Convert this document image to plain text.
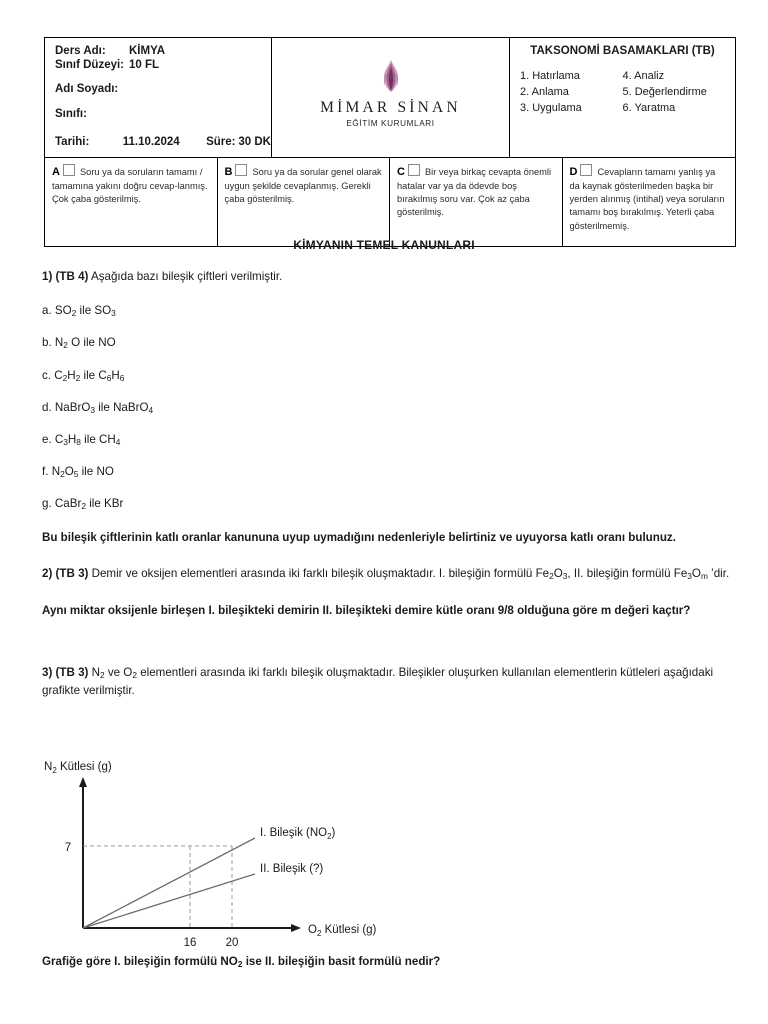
Ders Adı:	KİMYA
Sınıf Düzeyi: 10 FL
Adı Soyadı:
Sınıfı:
Tarihi:	11.10.2024 Süre: 30 DK
MİMAR SİNAN
EĞİTİM KURUMLARI
TAKSONOMİ BASAMAKLARI (TB)
1. Hatırlama
2. Anlama
3. Uygulama
4. Analiz
5. Değerlendirme
6. Yaratma
A Soru ya da soruların tamamı / tamamına yakını doğru cevap-lanmış. Çok çaba gösterilmiş.
B Soru ya da sorular genel olarak uygun şekilde cevaplanmış. Gerekli çaba gösterilmiş.
C Bir veya birkaç cevapta önemli hatalar var ya da ödevde boş bırakılmış soru var. Çok az çaba gösterilmiş.
D Cevapların tamamı yanlış ya da kaynak gösterilmeden başka bir yerden alınmış (intihal) veya soruların tamamı boş bırakılmış. Yeterli çaba gösterilmemiş.
KİMYANIN TEMEL KANUNLARI
1) (TB 4) Aşağıda bazı bileşik çiftleri verilmiştir.
a. $SO_2$ ile $SO_3$
b. $N_2$ O ile NO
c. $C_2H_2$ ile $C_6H_6$
d. NaBrO$_3$ ile NaBrO$_4$
e. $C_3H_8$ ile $CH_4$
f. $N_2O_5$ ile NO
g. CaBr$_2$ ile KBr
Bu bileşik çiftlerinin katlı oranlar kanununa uyup uymadığını nedenleriyle belirtiniz ve uyuyorsa katlı oranı bulunuz.
2) (TB 3) Demir ve oksijen elementleri arasında iki farklı bileşik oluşmaktadır. I. bileşiğin formülü $Fe_2O_3$, II. bileşiğin formülü $Fe_3O_m$ ’dir.
Aynı miktar oksijenle birleşen I. bileşikteki demirin II. bileşikteki demire kütle oranı 9/8 olduğuna göre m değeri kaçtır?
3) (TB 3) $N_2$ ve $O_2$ elementleri arasında iki farklı bileşik oluşmaktadır. Bileşikler oluşurken kullanılan elementlerin kütleleri aşağıdaki grafikte verilmiştir.
$N_2$ Kütlesi (g)
$O_2$ Kütlesi (g)
7
16	20
I. Bileşik $(NO_2)$
II. Bileşik (?)
Grafiğe göre I. bileşiğin formülü $NO_2$ ise II. bileşiğin basit formülü nedir?
